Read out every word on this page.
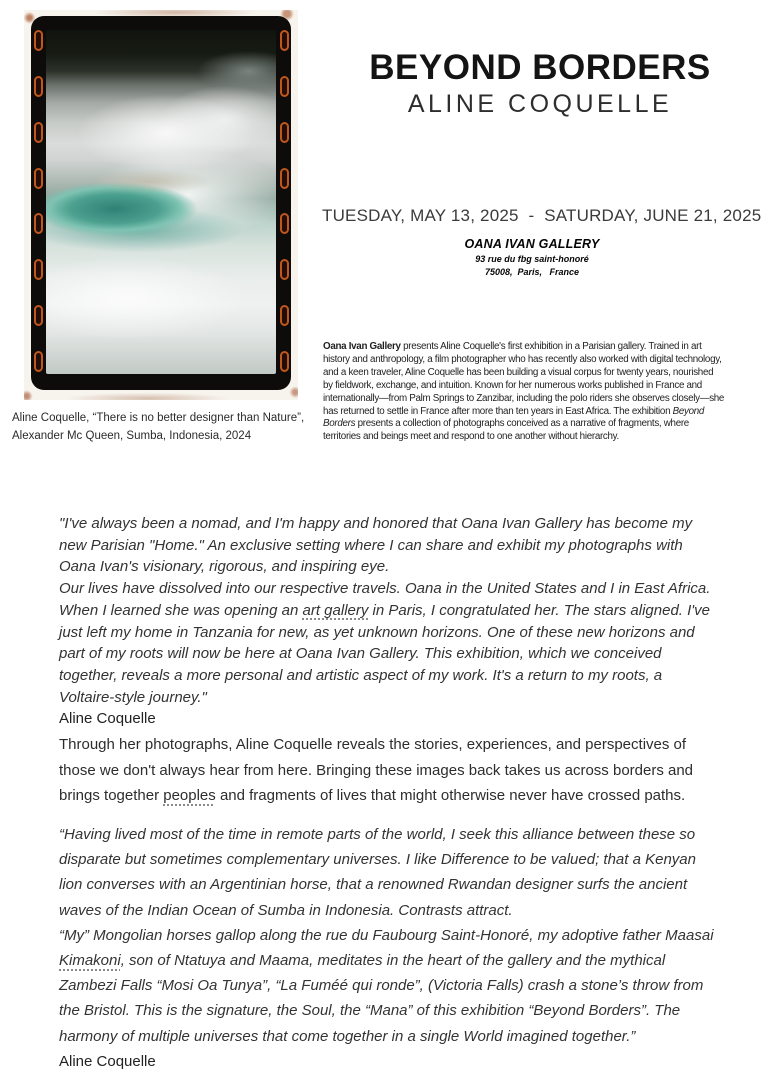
Aline Coquelle, “There is no better designer than Nature”,
Alexander Mc Queen, Sumba, Indonesia, 2024
BEYOND BORDERS
ALINE COQUELLE
TUESDAY, MAY 13, 2025  -  SATURDAY, JUNE 21, 2025
OANA IVAN GALLERY
93 rue du fbg saint-honoré
75008,  Paris,   France

Oana Ivan Gallery presents Aline Coquelle's first exhibition in a Parisian gallery. Trained in art history and anthropology, a film photographer who has recently also worked with digital technology, and a keen traveler, Aline Coquelle has been building a visual corpus for twenty years, nourished by fieldwork, exchange, and intuition. Known for her numerous works published in France and internationally—from Palm Springs to Zanzibar, including the polo riders she observes closely—she has returned to settle in France after more than ten years in East Africa. The exhibition Beyond Borders presents a collection of photographs conceived as a narrative of fragments, where territories and beings meet and respond to one another without hierarchy.

"I've always been a nomad, and I'm happy and honored that Oana Ivan Gallery has become my new Parisian "Home." An exclusive setting where I can share and exhibit my photographs with Oana Ivan's visionary, rigorous, and inspiring eye.

Our lives have dissolved into our respective travels. Oana in the United States and I in East Africa. When I learned she was opening an art gallery in Paris, I congratulated her. The stars aligned. I've just left my home in Tanzania for new, as yet unknown horizons. One of these new horizons and part of my roots will now be here at Oana Ivan Gallery. This exhibition, which we conceived together, reveals a more personal and artistic aspect of my work. It's a return to my roots, a Voltaire-style journey."

Aline Coquelle

Through her photographs, Aline Coquelle reveals the stories, experiences, and perspectives of those we don't always hear from here. Bringing these images back takes us across borders and brings together peoples and fragments of lives that might otherwise never have crossed paths.

“Having lived most of the time in remote parts of the world, I seek this alliance between these so disparate but sometimes complementary universes. I like Difference to be valued; that a Kenyan lion converses with an Argentinian horse, that a renowned Rwandan designer surfs the ancient waves of the Indian Ocean of Sumba in Indonesia. Contrasts attract.

“My” Mongolian horses gallop along the rue du Faubourg Saint-Honoré, my adoptive father Maasai Kimakoni, son of Ntatuya and Maama, meditates in the heart of the gallery and the mythical Zambezi Falls “Mosi Oa Tunya”, “La Fuméé qui ronde”, (Victoria Falls) crash a stone’s throw from the Bristol. This is the signature, the Soul, the “Mana” of this exhibition “Beyond Borders”. The harmony of multiple universes that come together in a single World imagined together.”

Aline Coquelle
